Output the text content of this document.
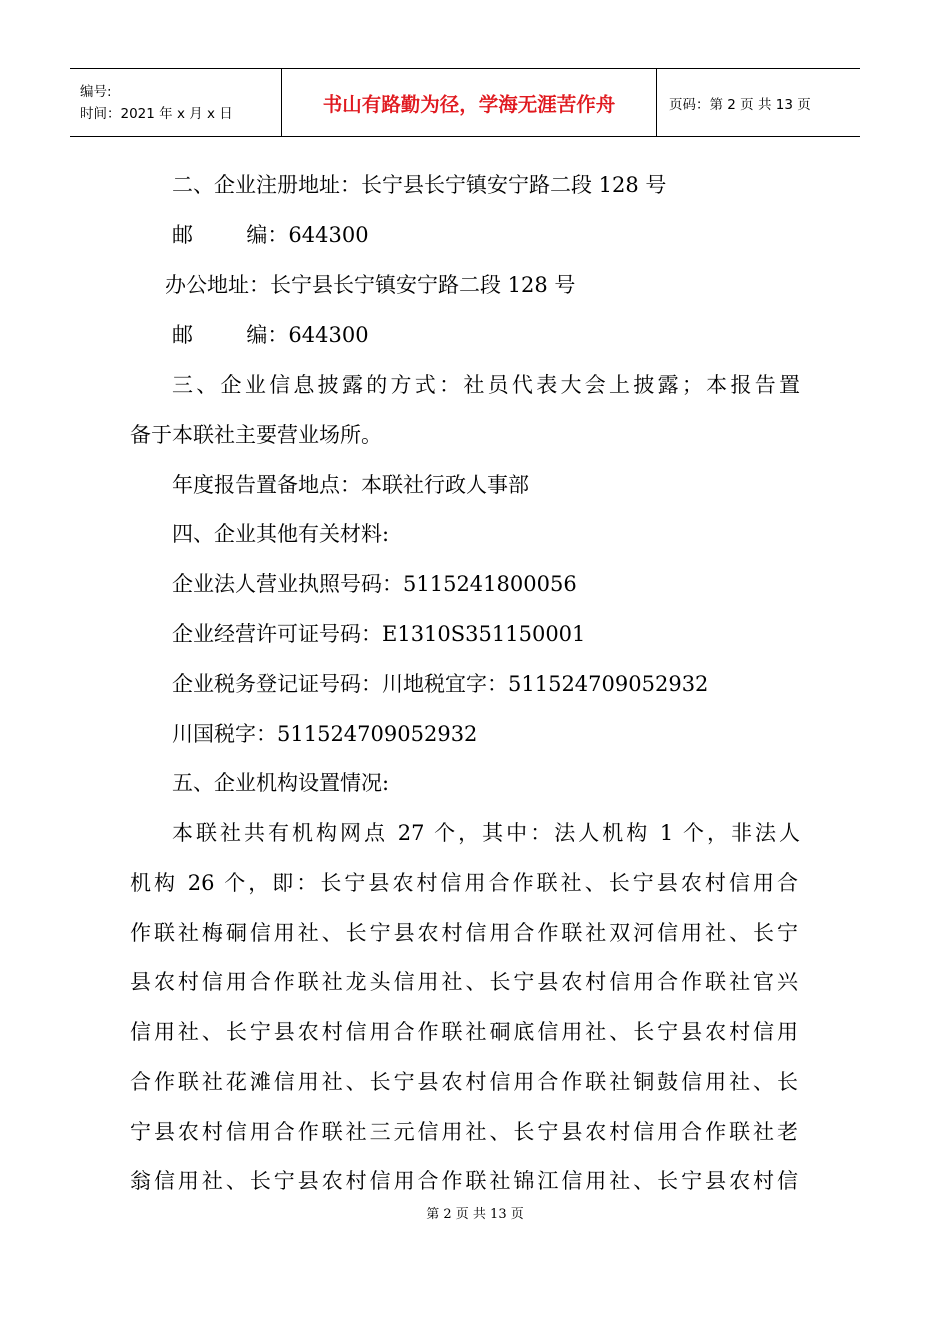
编号:
时间：2021 年 x 月 x 日	书山有路勤为径，学海无涯苦作舟	页码：第 2 页 共 13 页
二、企业注册地址：长宁县长宁镇安宁路二段 128 号
邮        编：644300
办公地址：长宁县长宁镇安宁路二段 128 号
邮        编：644300
三、企业信息披露的方式：社员代表大会上披露；本报告置
备于本联社主要营业场所。
年度报告置备地点：本联社行政人事部
四、企业其他有关材料:
企业法人营业执照号码：5115241800056
企业经营许可证号码：E1310S351150001
企业税务登记证号码：川地税宜字：511524709052932
川国税字：511524709052932
五、企业机构设置情况:
本联社共有机构网点 27 个，其中：法人机构 1 个，非法人
机构 26 个，即：长宁县农村信用合作联社、长宁县农村信用合
作联社梅硐信用社、长宁县农村信用合作联社双河信用社、长宁
县农村信用合作联社龙头信用社、长宁县农村信用合作联社官兴
信用社、长宁县农村信用合作联社硐底信用社、长宁县农村信用
合作联社花滩信用社、长宁县农村信用合作联社铜鼓信用社、长
宁县农村信用合作联社三元信用社、长宁县农村信用合作联社老
翁信用社、长宁县农村信用合作联社锦江信用社、长宁县农村信
第 2 页 共 13 页
